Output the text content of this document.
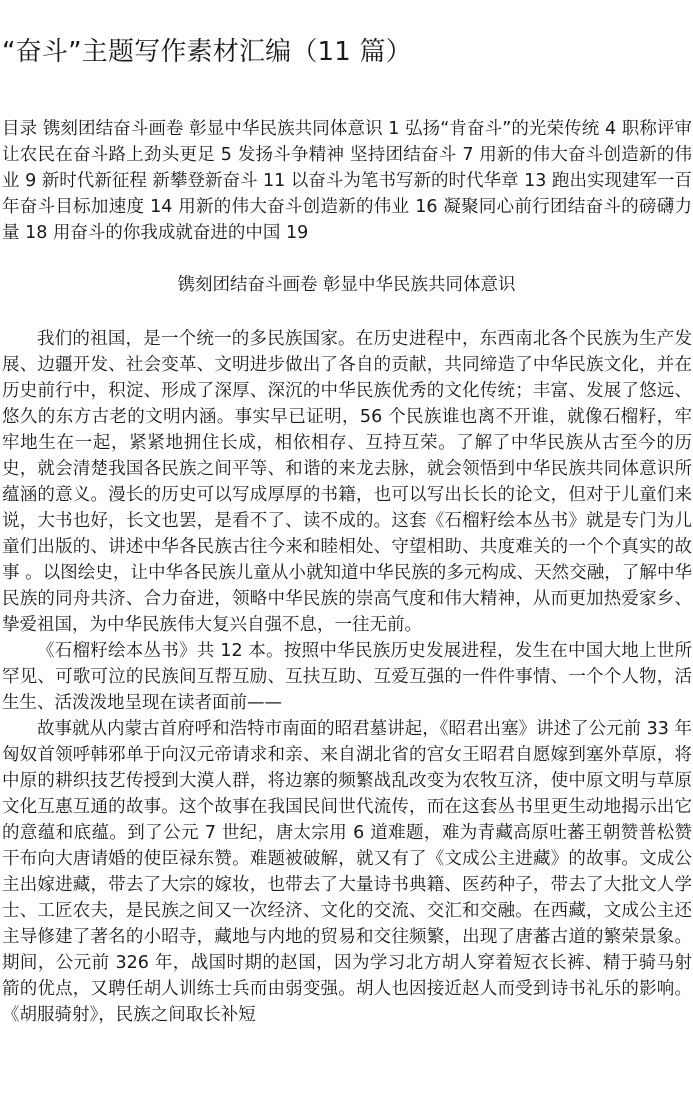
“奋斗”主题写作素材汇编（11 篇）

目录 镌刻团结奋斗画卷 彰显中华民族共同体意识 1 弘扬“肯奋斗”的光荣传统 4 职称评审让农民在奋斗路上劲头更足 5 发扬斗争精神 坚持团结奋斗 7 用新的伟大奋斗创造新的伟业 9 新时代新征程 新攀登新奋斗 11 以奋斗为笔书写新的时代华章 13 跑出实现建军一百年奋斗目标加速度 14 用新的伟大奋斗创造新的伟业 16 凝聚同心前行团结奋斗的磅礴力量 18 用奋斗的你我成就奋进的中国 19

镌刻团结奋斗画卷 彰显中华民族共同体意识

我们的祖国，是一个统一的多民族国家。在历史进程中，东西南北各个民族为生产发展、边疆开发、社会变革、文明进步做出了各自的贡献，共同缔造了中华民族文化，并在历史前行中，积淀、形成了深厚、深沉的中华民族优秀的文化传统；丰富、发展了悠远、悠久的东方古老的文明内涵。事实早已证明，56 个民族谁也离不开谁，就像石榴籽，牢牢地生在一起，紧紧地拥住长成，相依相存、互持互荣。了解了中华民族从古至今的历史，就会清楚我国各民族之间平等、和谐的来龙去脉，就会领悟到中华民族共同体意识所蕴涵的意义。漫长的历史可以写成厚厚的书籍，也可以写出长长的论文，但对于儿童们来说，大书也好，长文也罢，是看不了、读不成的。这套《石榴籽绘本丛书》就是专门为儿童们出版的、讲述中华各民族古往今来和睦相处、守望相助、共度难关的一个个真实的故事 。以图绘史，让中华各民族儿童从小就知道中华民族的多元构成、天然交融，了解中华民族的同舟共济、合力奋进，领略中华民族的崇高气度和伟大精神，从而更加热爱家乡、挚爱祖国，为中华民族伟大复兴自强不息，一往无前。

《石榴籽绘本丛书》共 12 本。按照中华民族历史发展进程，发生在中国大地上世所罕见、可歌可泣的民族间互帮互励、互扶互助、互爱互强的一件件事情、一个个人物，活生生、活泼泼地呈现在读者面前——

故事就从内蒙古首府呼和浩特市南面的昭君墓讲起，《昭君出塞》讲述了公元前 33 年匈奴首领呼韩邪单于向汉元帝请求和亲、来自湖北省的宫女王昭君自愿嫁到塞外草原，将中原的耕织技艺传授到大漠人群，将边寨的频繁战乱改变为农牧互济，使中原文明与草原文化互惠互通的故事。这个故事在我国民间世代流传，而在这套丛书里更生动地揭示出它的意蕴和底蕴。到了公元 7 世纪，唐太宗用 6 道难题，难为青藏高原吐蕃王朝赞普松赞干布向大唐请婚的使臣禄东赞。难题被破解，就又有了《文成公主进藏》的故事。文成公主出嫁进藏，带去了大宗的嫁妆，也带去了大量诗书典籍、医药种子，带去了大批文人学士、工匠农夫，是民族之间又一次经济、文化的交流、交汇和交融。在西藏，文成公主还主导修建了著名的小昭寺，藏地与内地的贸易和交往频繁，出现了唐蕃古道的繁荣景象。期间，公元前 326 年，战国时期的赵国，因为学习北方胡人穿着短衣长裤、精于骑马射箭的优点，又聘任胡人训练士兵而由弱变强。胡人也因接近赵人而受到诗书礼乐的影响。《胡服骑射》，民族之间取长补短
